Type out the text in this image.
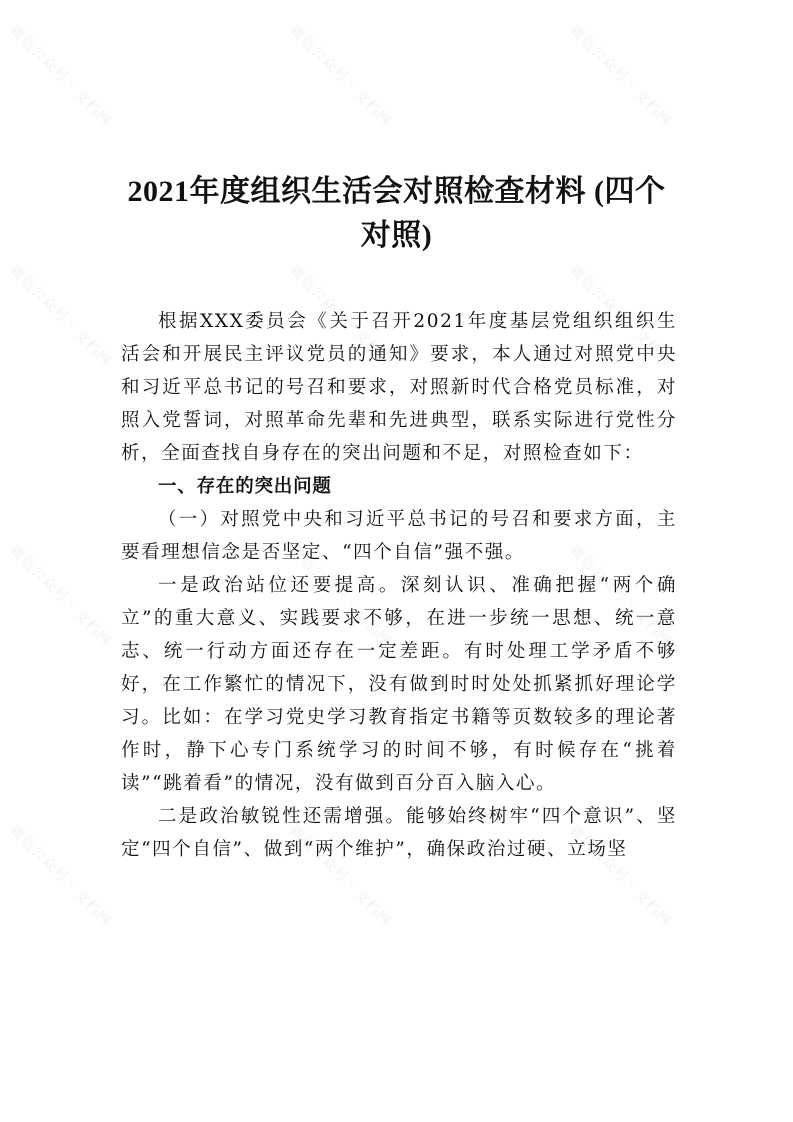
微信公众号 · 文档网	微信公众号 · 文档网	微信公众号 · 文档网
微信公众号 · 文档网	微信公众号 · 文档网	微信公众号 · 文档网
微信公众号 · 文档网	微信公众号 · 文档网	微信公众号 · 文档网
微信公众号 · 文档网	微信公众号 · 文档网	微信公众号 · 文档网
2021年度组织生活会对照检查材料 (四个对照)

根据XXX委员会《关于召开2021年度基层党组织组织生活会和开展民主评议党员的通知》要求，本人通过对照党中央和习近平总书记的号召和要求，对照新时代合格党员标准，对照入党誓词，对照革命先辈和先进典型，联系实际进行党性分析，全面查找自身存在的突出问题和不足，对照检查如下：

一、存在的突出问题

（一）对照党中央和习近平总书记的号召和要求方面，主要看理想信念是否坚定、“四个自信”强不强。

一是政治站位还要提高。深刻认识、准确把握“两个确立”的重大意义、实践要求不够，在进一步统一思想、统一意志、统一行动方面还存在一定差距。有时处理工学矛盾不够好，在工作繁忙的情况下，没有做到时时处处抓紧抓好理论学习。比如：在学习党史学习教育指定书籍等页数较多的理论著作时，静下心专门系统学习的时间不够，有时候存在“挑着读”“跳着看”的情况，没有做到百分百入脑入心。

二是政治敏锐性还需增强。能够始终树牢“四个意识”、坚定“四个自信”、做到“两个维护”，确保政治过硬、立场坚
